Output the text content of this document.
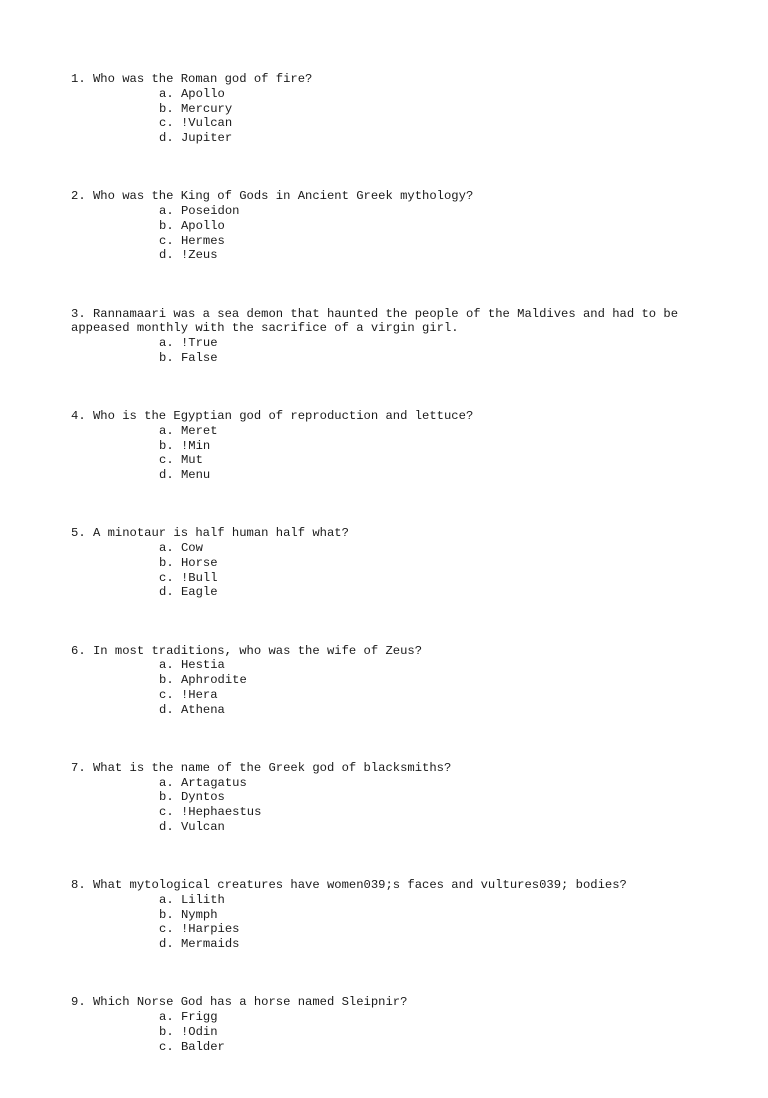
1. Who was the Roman god of fire?

a. Apollo
b. Mercury
c. !Vulcan
d. Jupiter

2. Who was the King of Gods in Ancient Greek mythology?

a. Poseidon
b. Apollo
c. Hermes
d. !Zeus

3. Rannamaari was a sea demon that haunted the people of the Maldives and had to be appeased monthly with the sacrifice of a virgin girl.

a. !True
b. False

4. Who is the Egyptian god of reproduction and lettuce?

a. Meret
b. !Min
c. Mut
d. Menu

5. A minotaur is half human half what?

a. Cow
b. Horse
c. !Bull
d. Eagle

6. In most traditions, who was the wife of Zeus?

a. Hestia
b. Aphrodite
c. !Hera
d. Athena

7. What is the name of the Greek god of blacksmiths?

a. Artagatus
b. Dyntos
c. !Hephaestus
d. Vulcan

8. What mytological creatures have women039;s faces and vultures039; bodies?

a. Lilith
b. Nymph
c. !Harpies
d. Mermaids

9. Which Norse God has a horse named Sleipnir?

a. Frigg
b. !Odin
c. Balder
